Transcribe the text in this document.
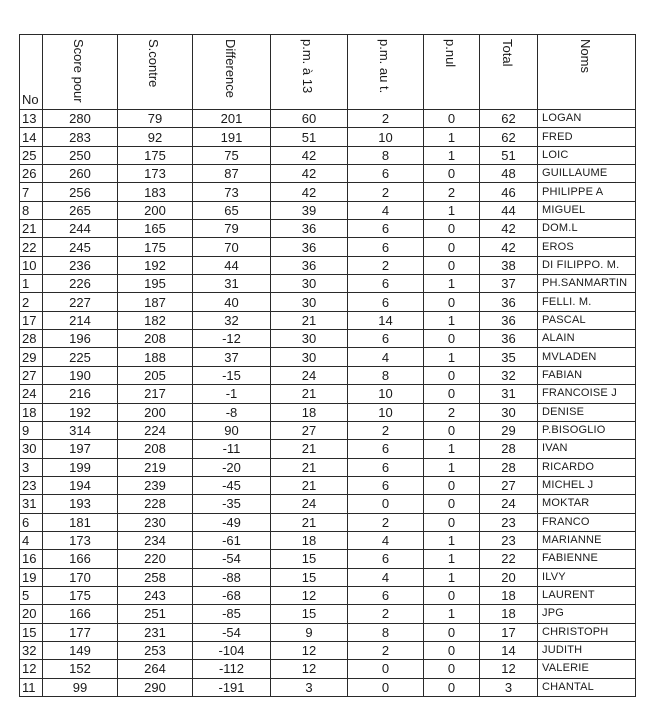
No	Score pour	S.contre	Difference	p.m. à 13	p.m. au t.	p.nul	Total	Noms

13	280	79	201	60	2	0	62	LOGAN
14	283	92	191	51	10	1	62	FRED
25	250	175	75	42	8	1	51	LOIC
26	260	173	87	42	6	0	48	GUILLAUME
7	256	183	73	42	2	2	46	PHILIPPE A
8	265	200	65	39	4	1	44	MIGUEL
21	244	165	79	36	6	0	42	DOM.L
22	245	175	70	36	6	0	42	EROS
10	236	192	44	36	2	0	38	DI FILIPPO. M.
1	226	195	31	30	6	1	37	PH.SANMARTIN
2	227	187	40	30	6	0	36	FELLI. M.
17	214	182	32	21	14	1	36	PASCAL
28	196	208	-12	30	6	0	36	ALAIN
29	225	188	37	30	4	1	35	MVLADEN
27	190	205	-15	24	8	0	32	FABIAN
24	216	217	-1	21	10	0	31	FRANCOISE J
18	192	200	-8	18	10	2	30	DENISE
9	314	224	90	27	2	0	29	P.BISOGLIO
30	197	208	-11	21	6	1	28	IVAN
3	199	219	-20	21	6	1	28	RICARDO
23	194	239	-45	21	6	0	27	MICHEL J
31	193	228	-35	24	0	0	24	MOKTAR
6	181	230	-49	21	2	0	23	FRANCO
4	173	234	-61	18	4	1	23	MARIANNE
16	166	220	-54	15	6	1	22	FABIENNE
19	170	258	-88	15	4	1	20	ILVY
5	175	243	-68	12	6	0	18	LAURENT
20	166	251	-85	15	2	1	18	JPG
15	177	231	-54	9	8	0	17	CHRISTOPH
32	149	253	-104	12	2	0	14	JUDITH
12	152	264	-112	12	0	0	12	VALERIE
11	99	290	-191	3	0	0	3	CHANTAL
